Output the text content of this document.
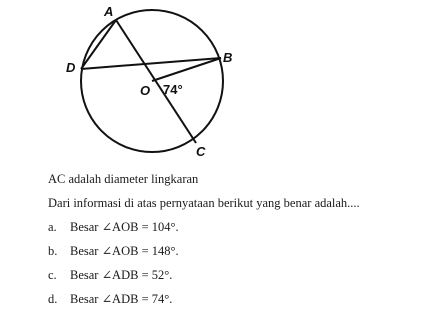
A
B
C
D
O 74°
AC adalah diameter lingkaran
Dari informasi di atas pernyataan berikut yang benar adalah....
a. Besar ∠AOB = 104°.
b. Besar ∠AOB = 148°.
c. Besar ∠ADB = 52°.
d. Besar ∠ADB = 74°.
